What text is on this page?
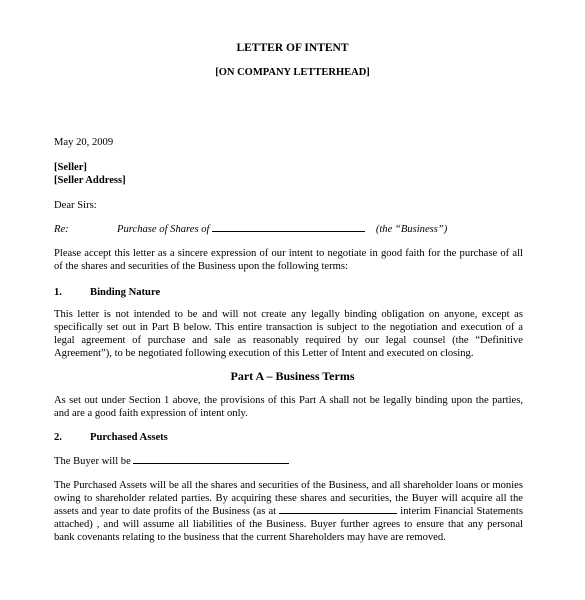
LETTER OF INTENT
[ON COMPANY LETTERHEAD]
May 20, 2009
[Seller]
[Seller Address]
Dear Sirs:
Re:	Purchase of Shares of	(the “Business”)

Please accept this letter as a sincere expression of our intent to negotiate in good faith for the purchase of all of the shares and securities of the Business upon the following terms:

1.	Binding Nature

This letter is not intended to be and will not create any legally binding obligation on anyone, except as specifically set out in Part B below. This entire transaction is subject to the negotiation and execution of a legal agreement of purchase and sale as reasonably required by our legal counsel (the “Definitive Agreement”), to be negotiated following execution of this Letter of Intent and executed on closing.

Part A – Business Terms

As set out under Section 1 above, the provisions of this Part A shall not be legally binding upon the parties, and are a good faith expression of intent only.

2.	Purchased Assets
The Buyer will be

The Purchased Assets will be all the shares and securities of the Business, and all shareholder loans or monies owing to shareholder related parties. By acquiring these shares and securities, the Buyer will acquire all the assets and year to date profits of the Business (as at	interim Financial Statements attached) , and will assume all liabilities of the Business. Buyer further agrees to ensure that any personal bank covenants relating to the business that the current Shareholders may have are removed.
